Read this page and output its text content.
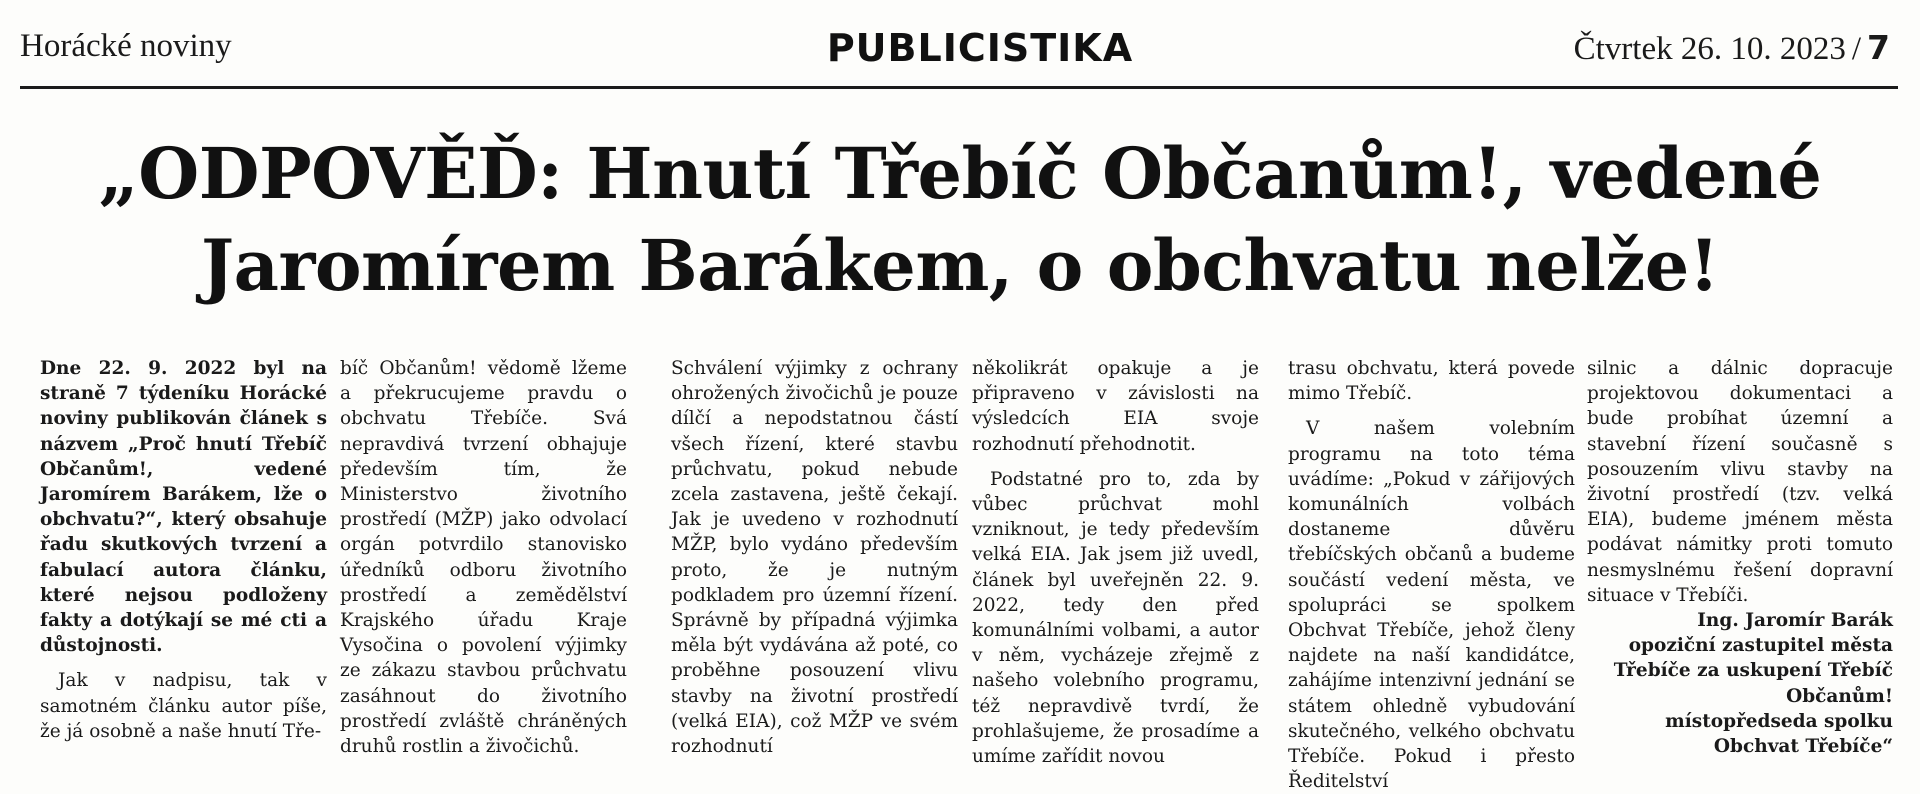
Horácké noviny	PUBLICISTIKA	Čtvrtek 26. 10. 2023 / 7
„ODPOVĚĎ: Hnutí Třebíč Občanům!, vedené
Jaromírem Barákem, o obchvatu nelže!

Dne 22. 9. 2022 byl na straně 7 týdeníku Horácké noviny publikován článek s názvem „Proč hnutí Třebíč Občanům!, vedené Jaromírem Barákem, lže o obchvatu?“, který obsahuje řadu skutkových tvrzení a fabulací autora článku, které nejsou podloženy fakty a dotýkají se mé cti a důstojnosti.

Jak v nadpisu, tak v samotném článku autor píše, že já osobně a naše hnutí Tře-

bíč Občanům! vědomě lžeme a překrucujeme pravdu o obchvatu Třebíče. Svá nepravdivá tvrzení obhajuje především tím, že Ministerstvo životního prostředí (MŽP) jako odvolací orgán potvrdilo stanovisko úředníků odboru životního prostředí a zemědělství Krajského úřadu Kraje Vysočina o povolení výjimky ze zákazu stavbou průchvatu zasáhnout do životního prostředí zvláště chráněných druhů rostlin a živočichů.

Schválení výjimky z ochrany ohrožených živočichů je pouze dílčí a nepodstatnou částí všech řízení, které stavbu průchvatu, pokud nebude zcela zastavena, ještě čekají. Jak je uvedeno v rozhodnutí MŽP, bylo vydáno především proto, že je nutným podkladem pro územní řízení. Správně by případná výjimka měla být vydávána až poté, co proběhne posouzení vlivu stavby na životní prostředí (velká EIA), což MŽP ve svém rozhodnutí

několikrát opakuje a je připraveno v závislosti na výsledcích EIA svoje rozhodnutí přehodnotit.

Podstatné pro to, zda by vůbec průchvat mohl vzniknout, je tedy především velká EIA. Jak jsem již uvedl, článek byl uveřejněn 22. 9. 2022, tedy den před komunálními volbami, a autor v něm, vycházeje zřejmě z našeho volebního programu, též nepravdivě tvrdí, že prohlašujeme, že prosadíme a umíme zařídit novou

trasu obchvatu, která povede mimo Třebíč.

V našem volebním programu na toto téma uvádíme: „Pokud v zářijových komunálních volbách dostaneme důvěru třebíčských občanů a budeme součástí vedení města, ve spolupráci se spolkem Obchvat Třebíče, jehož členy najdete na naší kandidátce, zahájíme intenzivní jednání se státem ohledně vybudování skutečného, velkého obchvatu Třebíče. Pokud i přesto Ředitelství

silnic a dálnic dopracuje projektovou dokumentaci a bude probíhat územní a stavební řízení současně s posouzením vlivu stavby na životní prostředí (tzv. velká EIA), budeme jménem města podávat námitky proti tomuto nesmyslnému řešení dopravní situace v Třebíči.

Ing. Jaromír Barák
opoziční zastupitel města Třebíče za uskupení Třebíč Občanům!
místopředseda spolku Obchvat Třebíče“
